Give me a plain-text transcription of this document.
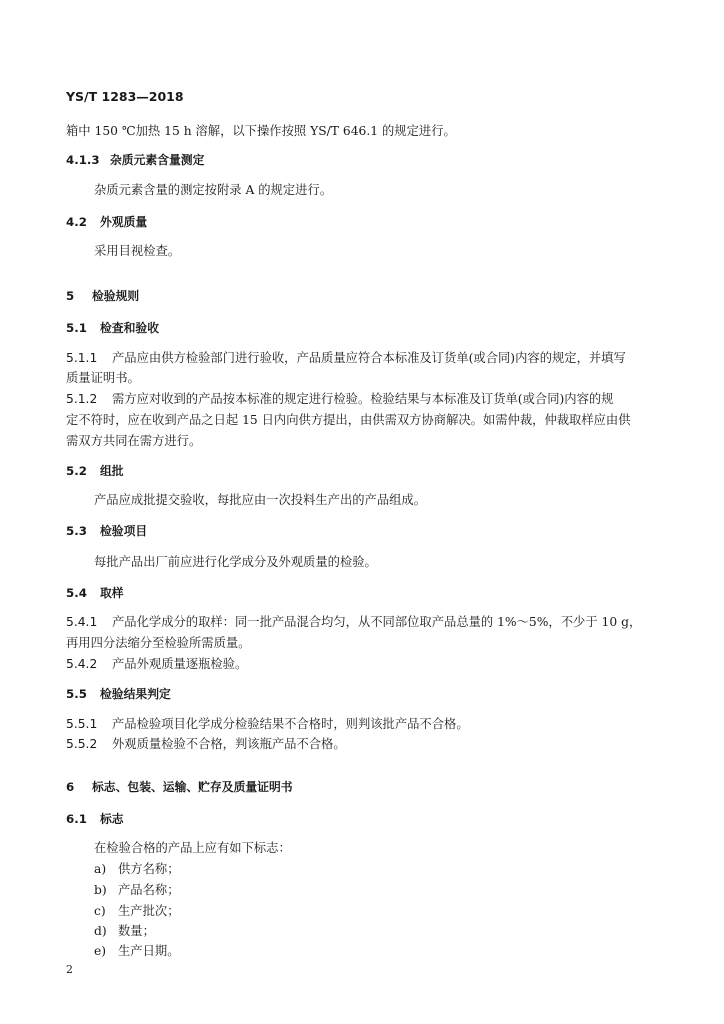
YS/T 1283—2018
箱中 150 ℃加热 15 h 溶解，以下操作按照 YS/T 646.1 的规定进行。
4.1.3 杂质元素含量测定
杂质元素含量的测定按附录 A 的规定进行。
4.2 外观质量
采用目视检查。
5 检验规则
5.1 检查和验收
5.1.1 产品应由供方检验部门进行验收，产品质量应符合本标准及订货单(或合同)内容的规定，并填写
质量证明书。
5.1.2 需方应对收到的产品按本标准的规定进行检验。检验结果与本标准及订货单(或合同)内容的规
定不符时，应在收到产品之日起 15 日内向供方提出，由供需双方协商解决。如需仲裁，仲裁取样应由供
需双方共同在需方进行。
5.2 组批
产品应成批提交验收，每批应由一次投料生产出的产品组成。
5.3 检验项目
每批产品出厂前应进行化学成分及外观质量的检验。
5.4 取样
5.4.1 产品化学成分的取样：同一批产品混合均匀，从不同部位取产品总量的 1%～5%，不少于 10 g，
再用四分法缩分至检验所需质量。
5.4.2 产品外观质量逐瓶检验。
5.5 检验结果判定
5.5.1 产品检验项目化学成分检验结果不合格时，则判该批产品不合格。
5.5.2 外观质量检验不合格，判该瓶产品不合格。
6 标志、包装、运输、贮存及质量证明书
6.1 标志
在检验合格的产品上应有如下标志：
a) 供方名称；
b) 产品名称；
c) 生产批次；
d) 数量；
e) 生产日期。
2
